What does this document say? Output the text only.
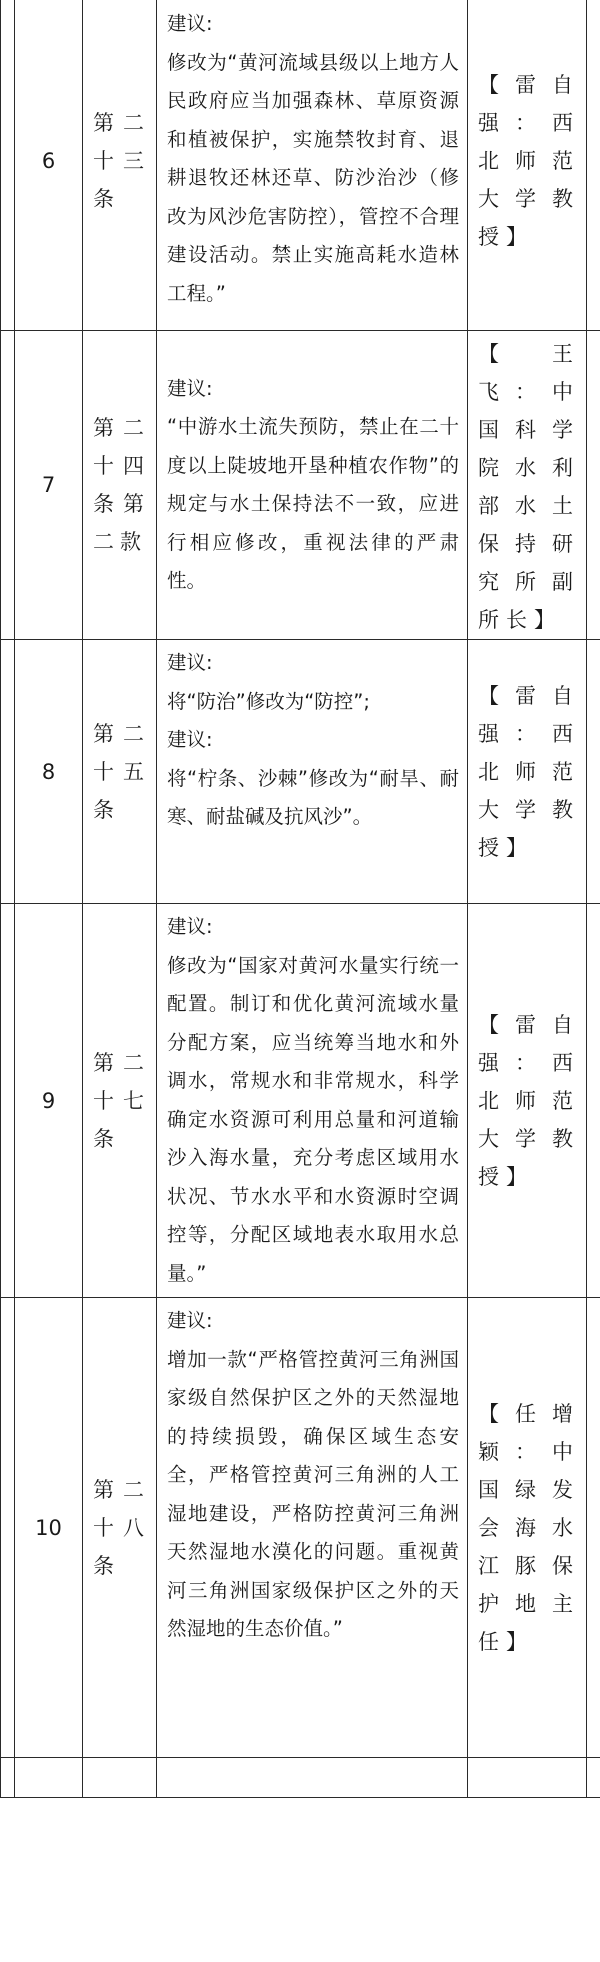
	6	第二十三条	建议:
修改为“黄河流域县级以上地方人民政府应当加强森林、草原资源和植被保护，实施禁牧封育、退耕退牧还林还草、防沙治沙（修改为风沙危害防控），管控不合理建设活动。禁止实施高耗水造林工程。”	【雷自强：西北师范大学教授】	
	7	第二十四条第二款	建议:
“中游水土流失预防，禁止在二十度以上陡坡地开垦种植农作物”的规定与水土保持法不一致，应进行相应修改，重视法律的严肃性。	【王飞：中国科学院水利部水土保持研究所副所长】	
	8	第二十五条	建议:
将“防治”修改为“防控”;
建议:
将“柠条、沙棘”修改为“耐旱、耐寒、耐盐碱及抗风沙”。	【雷自强：西北师范大学教授】	
	9	第二十七条	建议:
修改为“国家对黄河水量实行统一配置。制订和优化黄河流域水量分配方案，应当统筹当地水和外调水，常规水和非常规水，科学确定水资源可利用总量和河道输沙入海水量，充分考虑区域用水状况、节水水平和水资源时空调控等，分配区域地表水取用水总量。”	【雷自强：西北师范大学教授】	
	10	第二十八条	建议:
增加一款“严格管控黄河三角洲国家级自然保护区之外的天然湿地的持续损毁，确保区域生态安全，严格管控黄河三角洲的人工湿地建设，严格防控黄河三角洲天然湿地水漠化的问题。重视黄河三角洲国家级保护区之外的天然湿地的生态价值。”	【任增颖：中国绿发会海水江豚保护地主任】	
